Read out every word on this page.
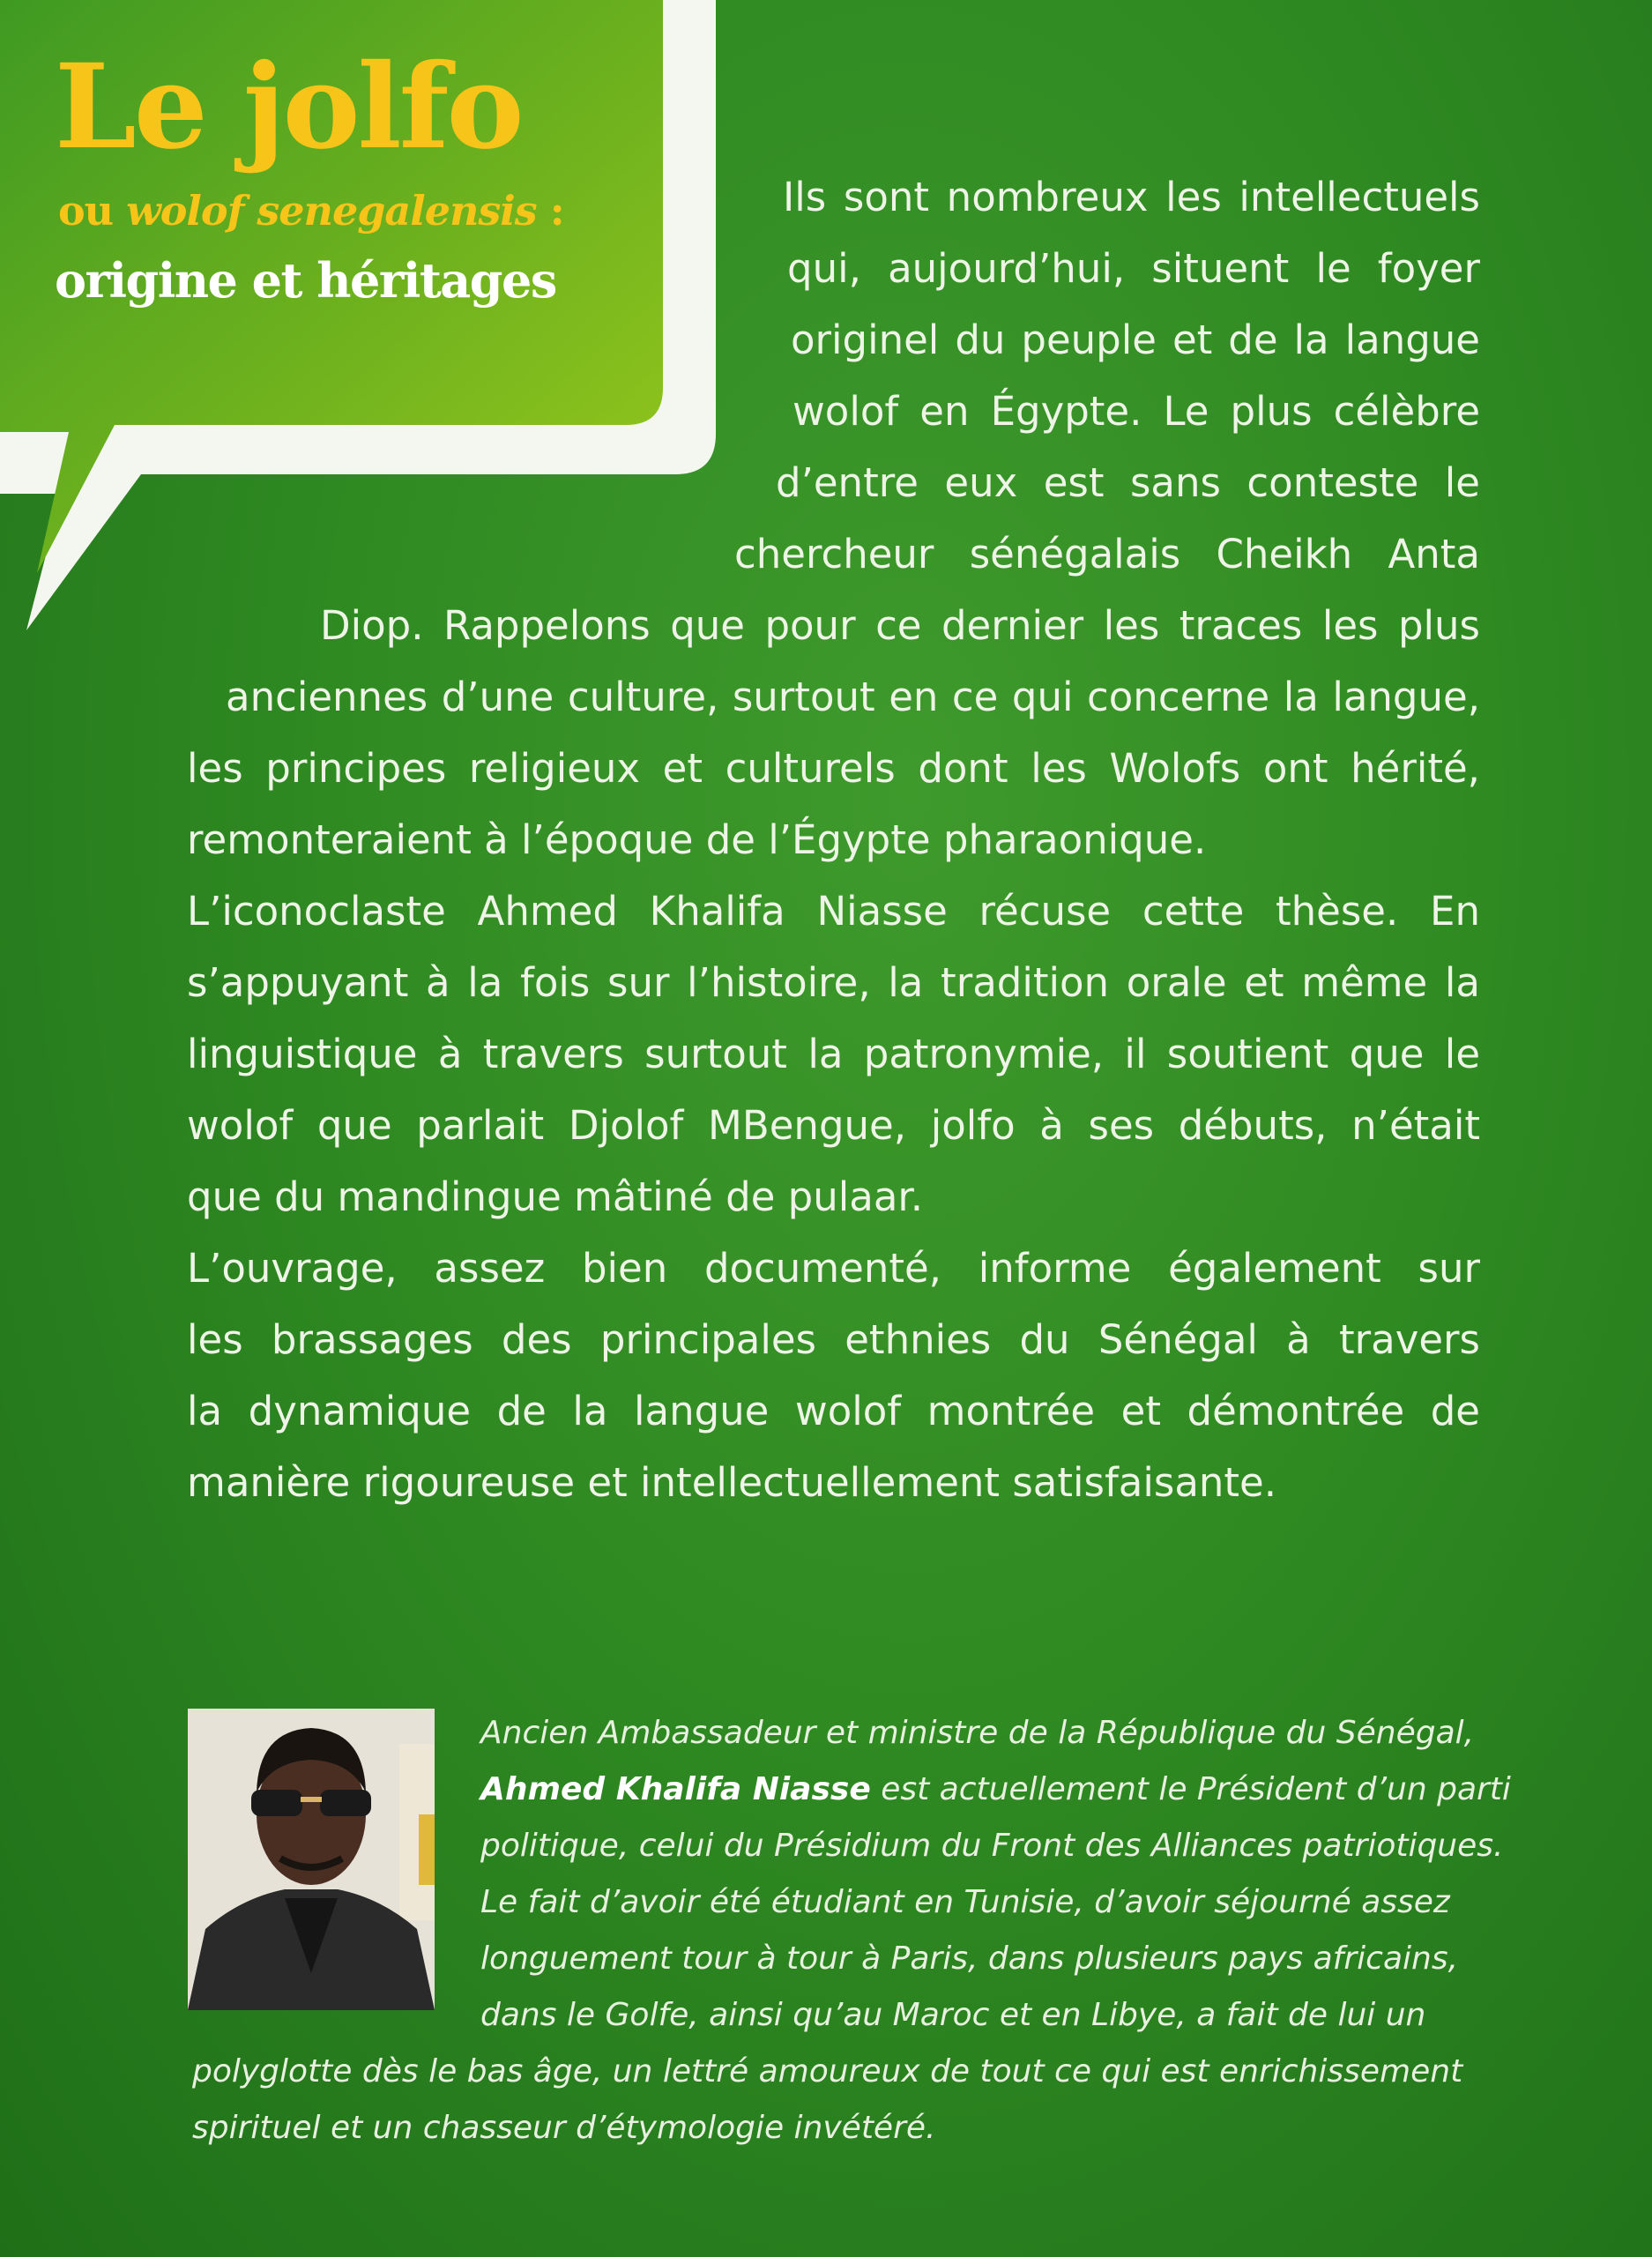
Le jolfo

ou wolof senegalensis :

origine et héritages

Ils sont nombreux les intellectuels

qui, aujourd’hui, situent le foyer

originel du peuple et de la langue

wolof en Égypte. Le plus célèbre

d’entre eux est sans conteste le

chercheur sénégalais Cheikh Anta

Diop. Rappelons que pour ce dernier les traces les plus

anciennes d’une culture, surtout en ce qui concerne la langue,

les principes religieux et culturels dont les Wolofs ont hérité,

remonteraient à l’époque de l’Égypte pharaonique.

L’iconoclaste Ahmed Khalifa Niasse récuse cette thèse. En

s’appuyant à la fois sur l’histoire, la tradition orale et même la

linguistique à travers surtout la patronymie, il soutient que le

wolof que parlait Djolof MBengue, jolfo à ses débuts, n’était

que du mandingue mâtiné de pulaar.

L’ouvrage, assez bien documenté, informe également sur

les brassages des principales ethnies du Sénégal à travers

la dynamique de la langue wolof montrée et démontrée de

manière rigoureuse et intellectuellement satisfaisante.

Ancien Ambassadeur et ministre de la République du Sénégal,

Ahmed Khalifa Niasse est actuellement le Président d’un parti

politique, celui du Présidium du Front des Alliances patriotiques.

Le fait d’avoir été étudiant en Tunisie, d’avoir séjourné assez

longuement tour à tour à Paris, dans plusieurs pays africains,

dans le Golfe, ainsi qu’au Maroc et en Libye, a fait de lui un

polyglotte dès le bas âge, un lettré amoureux de tout ce qui est enrichissement

spirituel et un chasseur d’étymologie invétéré.
